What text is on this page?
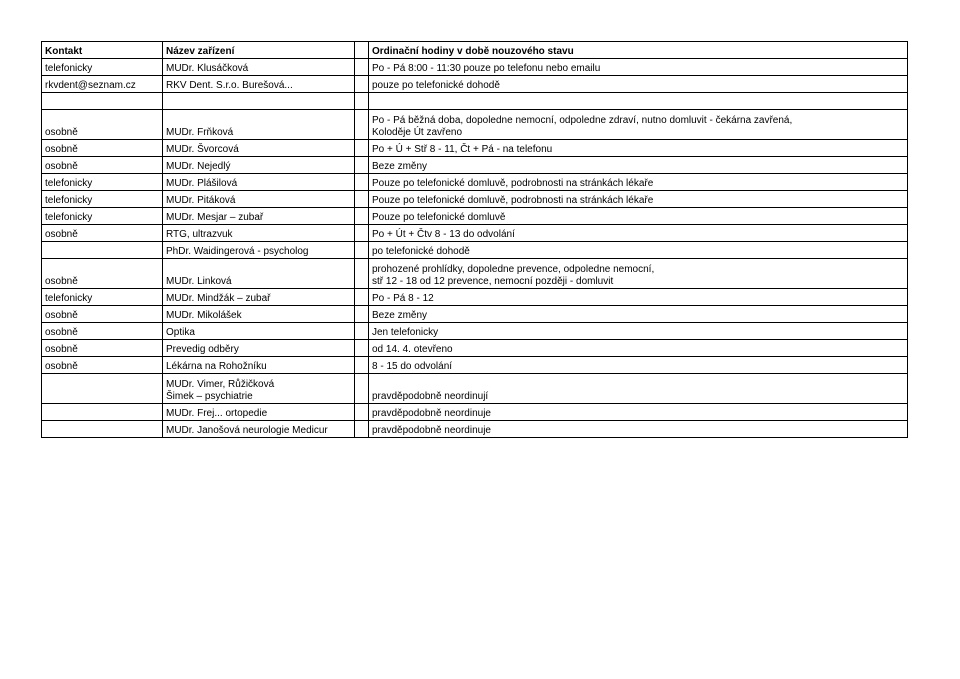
Kontakt	Název zařízení		Ordinační hodiny v době nouzového stavu
telefonicky	MUDr. Klusáčková		Po - Pá 8:00 - 11:30 pouze po telefonu nebo emailu

rkvdent@seznam.cz	RKV Dent. S.r.o. Burešová...		pouze po telefonické dohodě

osobně	MUDr. Frňková		Po - Pá běžná doba, dopoledne nemocní, odpoledne zdraví, nutno domluvit - čekárna zavřená,
Koloděje Út zavřeno

osobně	MUDr. Švorcová		Po + Ú + Stř 8 - 11, Čt + Pá - na telefonu

osobně	MUDr. Nejedlý		Beze změny

telefonicky	MUDr. Plášilová		Pouze po telefonické domluvě, podrobnosti na stránkách lékaře

telefonicky	MUDr. Pitáková		Pouze po telefonické domluvě, podrobnosti na stránkách lékaře

telefonicky	MUDr. Mesjar – zubař		Pouze po telefonické domluvě

osobně	RTG, ultrazvuk		Po + Út + Čtv 8 - 13 do odvolání

	PhDr. Waidingerová - psycholog		po telefonické dohodě

osobně	MUDr. Linková		prohozené prohlídky, dopoledne prevence, odpoledne nemocní,
stř 12 - 18 od 12 prevence, nemocní později - domluvit

telefonicky	MUDr. Mindžák – zubař		Po - Pá 8 - 12

osobně	MUDr. Mikolášek		Beze změny

osobně	Optika		Jen telefonicky

osobně	Prevedig odběry		od 14. 4. otevřeno

osobně	Lékárna na Rohožníku		8 - 15 do odvolání

	MUDr. Vimer, Růžičková
Šimek – psychiatrie		pravděpodobně neordinují

	MUDr. Frej... ortopedie		pravděpodobně neordinuje

	MUDr. Janošová neurologie Medicur		pravděpodobně neordinuje
